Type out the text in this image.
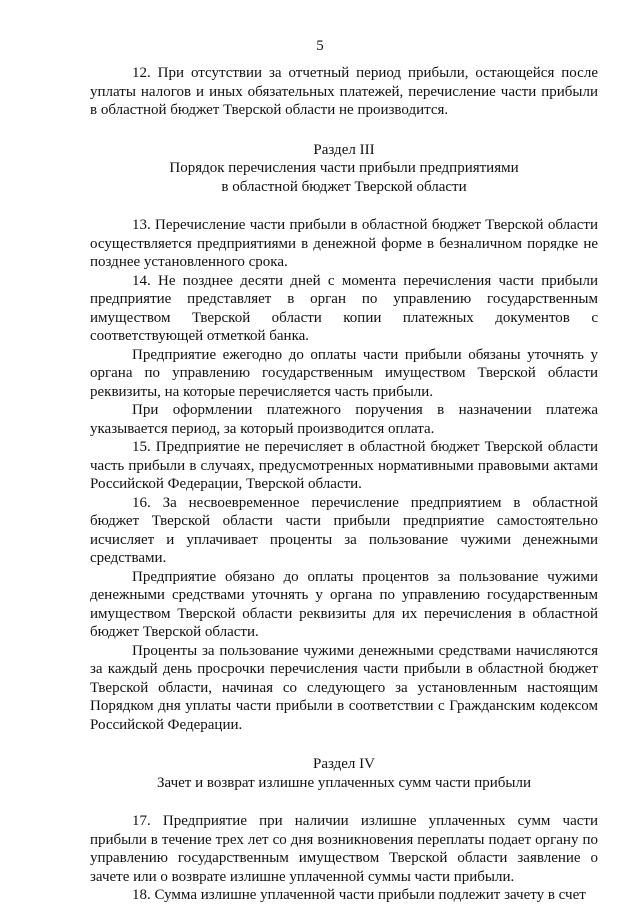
5

12. При отсутствии за отчетный период прибыли, остающейся после уплаты налогов и иных обязательных платежей, перечисление части прибыли в областной бюджет Тверской области не производится.

Раздел III

Порядок перечисления части прибыли предприятиями

в областной бюджет Тверской области

13. Перечисление части прибыли в областной бюджет Тверской области осуществляется предприятиями в денежной форме в безналичном порядке не позднее установленного срока.

14. Не позднее десяти дней с момента перечисления части прибыли предприятие представляет в орган по управлению государственным имуществом Тверской области копии платежных документов с соответствующей отметкой банка.

Предприятие ежегодно до оплаты части прибыли обязаны уточнять у органа по управлению государственным имуществом Тверской области реквизиты, на которые перечисляется часть прибыли.

При оформлении платежного поручения в назначении платежа указывается период, за который производится оплата.

15. Предприятие не перечисляет в областной бюджет Тверской области часть прибыли в случаях, предусмотренных нормативными правовыми актами Российской Федерации, Тверской области.

16. За несвоевременное перечисление предприятием в областной бюджет Тверской области части прибыли предприятие самостоятельно исчисляет и уплачивает проценты за пользование чужими денежными средствами.

Предприятие обязано до оплаты процентов за пользование чужими денежными средствами уточнять у органа по управлению государственным имуществом Тверской области реквизиты для их перечисления в областной бюджет Тверской области.

Проценты за пользование чужими денежными средствами начисляются за каждый день просрочки перечисления части прибыли в областной бюджет Тверской области, начиная со следующего за установленным настоящим Порядком дня уплаты части прибыли в соответствии с Гражданским кодексом Российской Федерации.

Раздел IV

Зачет и возврат излишне уплаченных сумм части прибыли

17. Предприятие при наличии излишне уплаченных сумм части прибыли в течение трех лет со дня возникновения переплаты подает органу по управлению государственным имуществом Тверской области заявление о зачете или о возврате излишне уплаченной суммы части прибыли.

18. Сумма излишне уплаченной части прибыли подлежит зачету в счет
